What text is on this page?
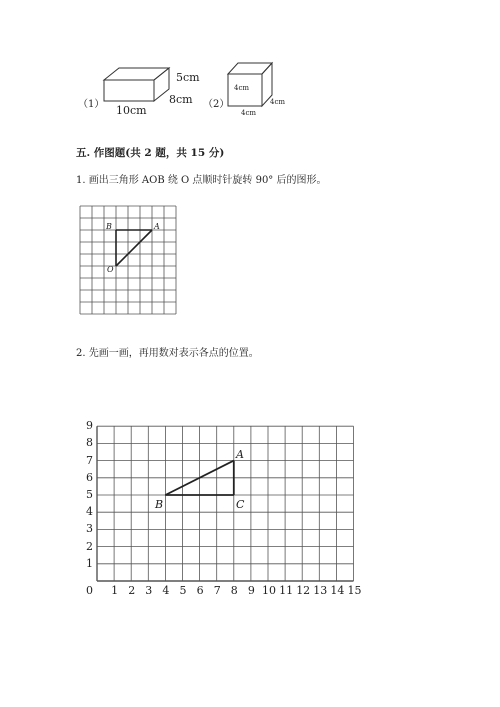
（1）
5cm
8cm
10cm	（2）
4cm
4cm
4cm
五. 作图题(共 2 题，共 15 分)
1. 画出三角形 AOB 绕 O 点顺时针旋转 90° 后的图形。
B	A
O
2. 先画一画，再用数对表示各点的位置。
A
B	C
0 1 2 3 4 5 6 7 8 9 10 11 12 13 14 15
1
2
3
4
5
6
7
8
9
